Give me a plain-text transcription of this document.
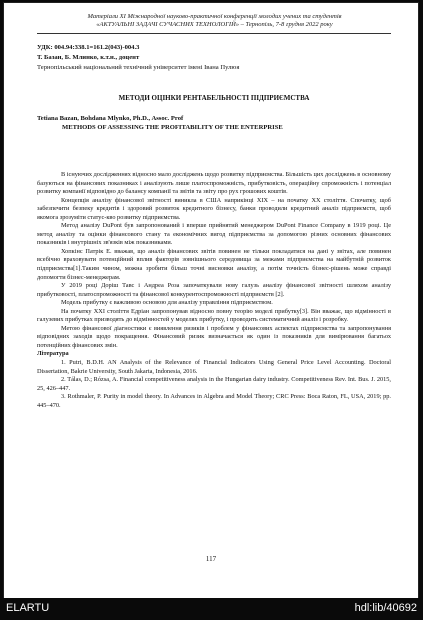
Матеріали XI Міжнародної науково-практичної конференції молодих учених та студентів
«АКТУАЛЬНІ ЗАДАЧІ СУЧАСНИХ ТЕХНОЛОГІЙ» – Тернопіль, 7-8 грудня 2022 року
УДК: 004.94:338.1=161.2(043)-004.3
Т. Базан, Б. Млинко, к.т.н., доцент
Тернопільський національний технічний університет імені Івана Пулюя
МЕТОДИ ОЦІНКИ РЕНТАБЕЛЬНОСТІ ПІДПРИЄМСТВА
Tetiana Bazan, Bohdana Mlynko, Ph.D., Assoc. Prof
METHODS OF ASSESSING THE PROFITABILITY OF THE ENTERPRISE

В існуючих дослідженнях відносно мало досліджень щодо розвитку підприємства. Більшість цих досліджень в основному базуються на фінансових показниках і аналізують лише платоспроможність, прибутковість, операційну спроможність і потенціал розвитку компанії відповідно до балансу компанії та звітів та звіту про рух грошових коштів.

Концепція аналізу фінансової звітності виникла в США наприкінці XIX – на початку XX століття. Спочатку, щоб забезпечити безпеку кредитів і здоровий розвиток кредитного бізнесу, банки проводили кредитний аналіз підприємств, щоб якомога зрозуміти статус-кво розвитку підприємства.

Метод аналізу DuPont був запропонований і вперше прийнятий менеджером DuPont Finance Company в 1919 році. Це метод аналізу та оцінки фінансового стану та економічних вигод підприємства за допомогою різних основних фінансових показників і внутрішніх зв'язків між показниками.

Хопкінс Патрік Е. вважав, що аналіз фінансових звітів повинен не тільки покладатися на дані у звітах, але повинен всебічно враховувати потенційний вплив факторів зовнішнього середовища за межами підприємства на майбутній розвиток підприємства[1].Таким чином, можна зробити більш точні висновки аналізу, а потім точність бізнес-рішень може справді допомогти бізнес-менеджерам.

У 2019 році Доріш Тавс і Андреа Роза започаткували нову галузь аналізу фінансової звітності шляхом аналізу прибутковості, платоспроможності та фінансової конкурентоспроможності підприємств [2].

Модель прибутку є важливою основою для аналізу управління підприємством.

На початку XXI століття Едріан запропонував відносно повну теорію моделі прибутку[3]. Він вважає, що відмінності в галузевих прибутках призводять до відмінностей у моделях прибутку, і проводить систематичний аналіз і розробку.

Метою фінансової діагностики є виявлення ризиків і проблем у фінансових аспектах підприємства та запропонування відповідних заходів щодо покращення. Фінансовий ризик визначається як один із показників для вимірювання багатьох потенційних фінансових змін.

Література

1. Putri, B.D.H. AN Analysis of the Relevance of Financial Indicators Using General Price Level Accounting. Doctoral Dissertation, Bakrie University, South Jakarta, Indonesia, 2016.

2. Tálas, D.; Rózsa, A. Financial competitiveness analysis in the Hungarian dairy industry. Competitiveness Rev. Int. Bus. J. 2015, 25, 426–447.

3. Rothmaler, P. Purity in model theory. In Advances in Algebra and Model Theory; CRC Press: Boca Raton, FL, USA, 2019; pp. 445–470.

117
ELARTU	hdl:lib/40692
